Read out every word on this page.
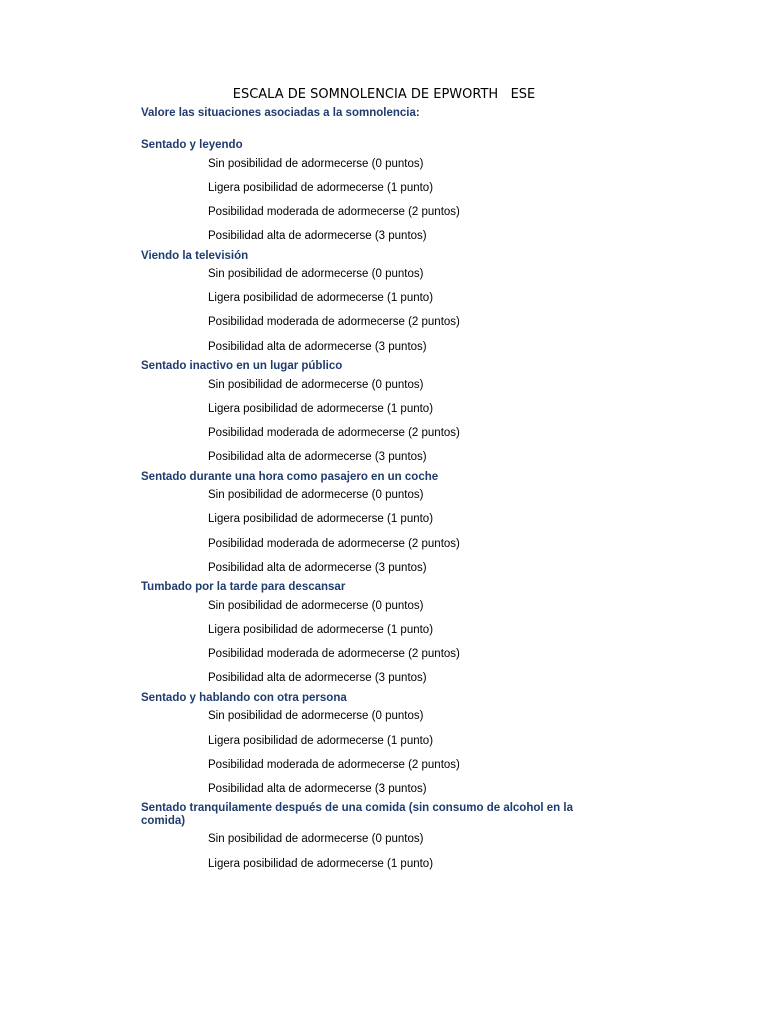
ESCALA DE SOMNOLENCIA DE EPWORTH   ESE

Valore las situaciones asociadas a la somnolencia:

Sentado y leyendo
Sin posibilidad de adormecerse (0 puntos)
Ligera posibilidad de adormecerse (1 punto)
Posibilidad moderada de adormecerse (2 puntos)
Posibilidad alta de adormecerse (3 puntos)
Viendo la televisión
Sin posibilidad de adormecerse (0 puntos)
Ligera posibilidad de adormecerse (1 punto)
Posibilidad moderada de adormecerse (2 puntos)
Posibilidad alta de adormecerse (3 puntos)
Sentado inactivo en un lugar público
Sin posibilidad de adormecerse (0 puntos)
Ligera posibilidad de adormecerse (1 punto)
Posibilidad moderada de adormecerse (2 puntos)
Posibilidad alta de adormecerse (3 puntos)
Sentado durante una hora como pasajero en un coche
Sin posibilidad de adormecerse (0 puntos)
Ligera posibilidad de adormecerse (1 punto)
Posibilidad moderada de adormecerse (2 puntos)
Posibilidad alta de adormecerse (3 puntos)
Tumbado por la tarde para descansar
Sin posibilidad de adormecerse (0 puntos)
Ligera posibilidad de adormecerse (1 punto)
Posibilidad moderada de adormecerse (2 puntos)
Posibilidad alta de adormecerse (3 puntos)
Sentado y hablando con otra persona
Sin posibilidad de adormecerse (0 puntos)
Ligera posibilidad de adormecerse (1 punto)
Posibilidad moderada de adormecerse (2 puntos)
Posibilidad alta de adormecerse (3 puntos)
Sentado tranquilamente después de una comida (sin consumo de alcohol en la comida)
Sin posibilidad de adormecerse (0 puntos)
Ligera posibilidad de adormecerse (1 punto)
